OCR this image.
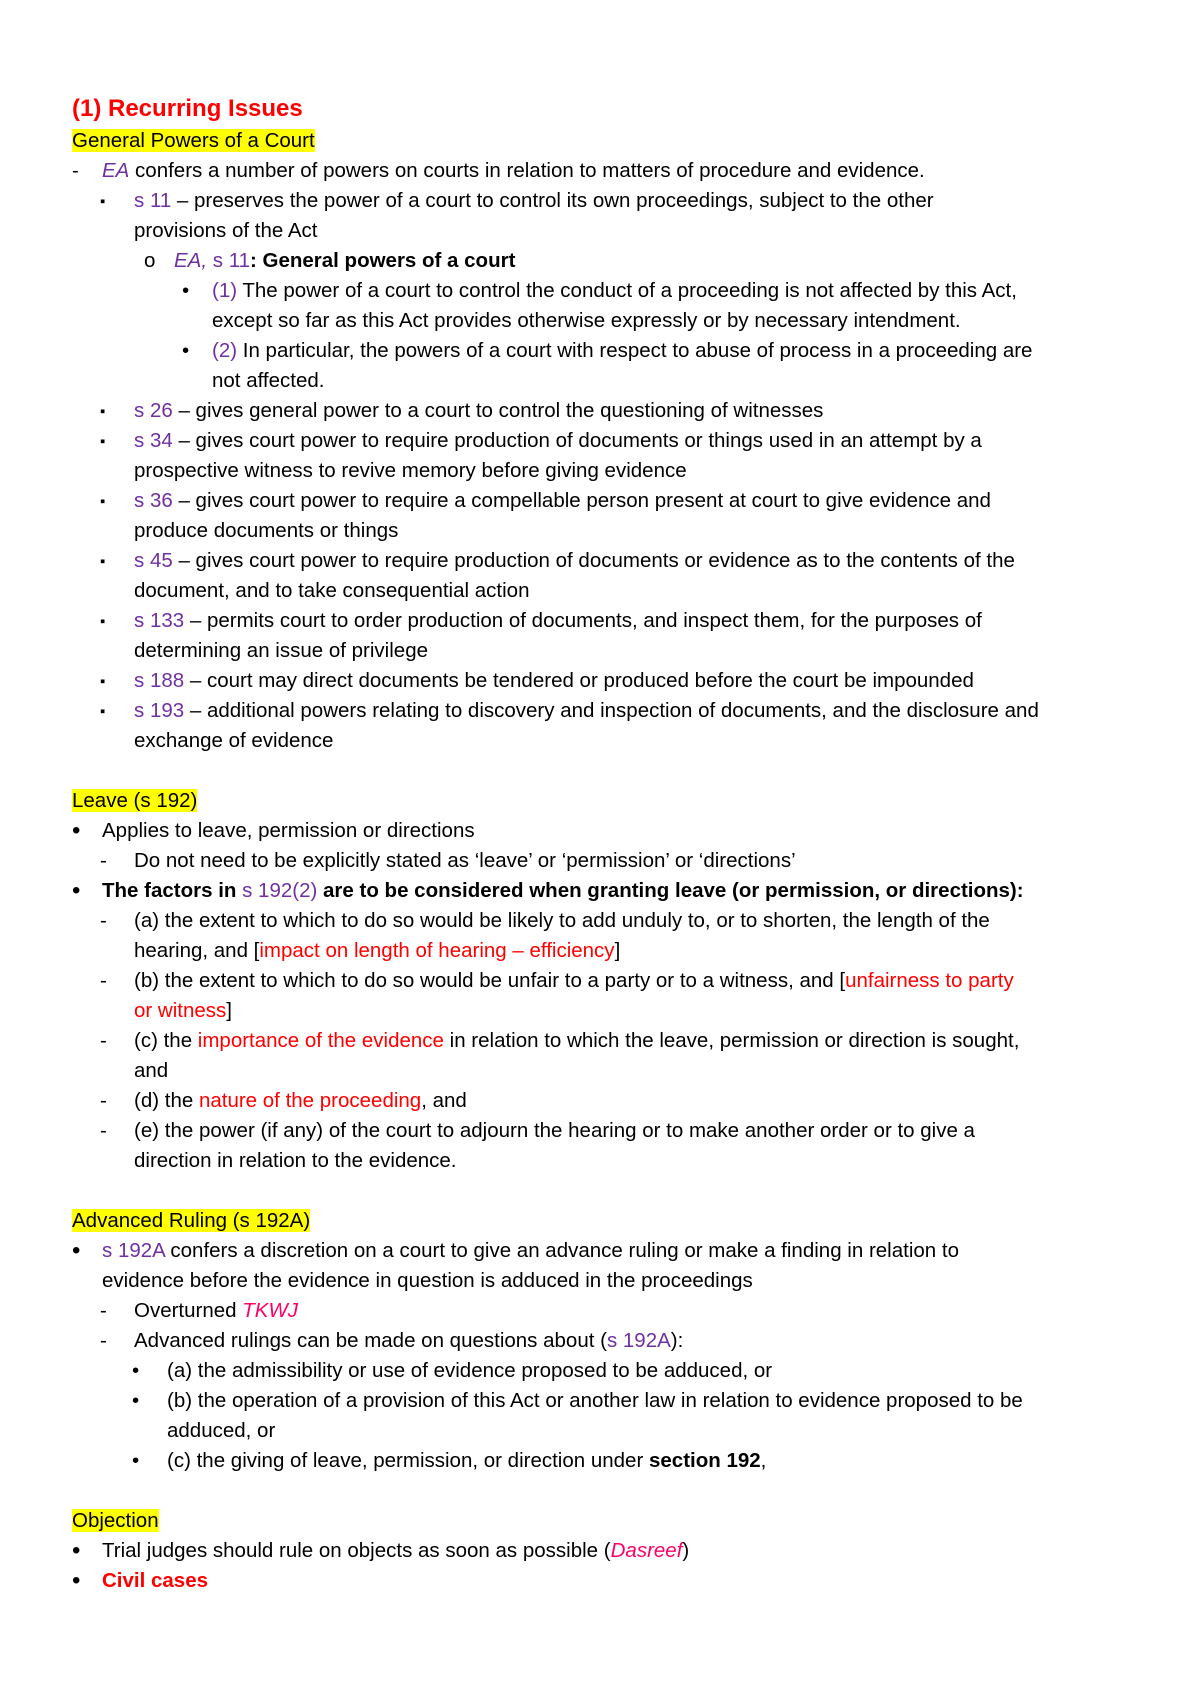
(1) Recurring Issues
General Powers of a Court
- EA confers a number of powers on courts in relation to matters of procedure and evidence.
▪ s 11 – preserves the power of a court to control its own proceedings, subject to the other
provisions of the Act
o EA, s 11: General powers of a court
• (1) The power of a court to control the conduct of a proceeding is not affected by this Act,
except so far as this Act provides otherwise expressly or by necessary intendment.
• (2) In particular, the powers of a court with respect to abuse of process in a proceeding are
not affected.
▪ s 26 – gives general power to a court to control the questioning of witnesses
▪ s 34 – gives court power to require production of documents or things used in an attempt by a
prospective witness to revive memory before giving evidence
▪ s 36 – gives court power to require a compellable person present at court to give evidence and
produce documents or things
▪ s 45 – gives court power to require production of documents or evidence as to the contents of the
document, and to take consequential action
▪ s 133 – permits court to order production of documents, and inspect them, for the purposes of
determining an issue of privilege
▪ s 188 – court may direct documents be tendered or produced before the court be impounded
▪ s 193 – additional powers relating to discovery and inspection of documents, and the disclosure and
exchange of evidence
Leave (s 192)
• Applies to leave, permission or directions
- Do not need to be explicitly stated as ‘leave’ or ‘permission’ or ‘directions’
• The factors in s 192(2) are to be considered when granting leave (or permission, or directions):
- (a) the extent to which to do so would be likely to add unduly to, or to shorten, the length of the
hearing, and [impact on length of hearing – efficiency]
- (b) the extent to which to do so would be unfair to a party or to a witness, and [unfairness to party
or witness]
- (c) the importance of the evidence in relation to which the leave, permission or direction is sought,
and
- (d) the nature of the proceeding, and
- (e) the power (if any) of the court to adjourn the hearing or to make another order or to give a
direction in relation to the evidence.
Advanced Ruling (s 192A)
• s 192A confers a discretion on a court to give an advance ruling or make a finding in relation to
evidence before the evidence in question is adduced in the proceedings
- Overturned TKWJ
- Advanced rulings can be made on questions about (s 192A):
• (a) the admissibility or use of evidence proposed to be adduced, or
• (b) the operation of a provision of this Act or another law in relation to evidence proposed to be
adduced, or
• (c) the giving of leave, permission, or direction under section 192,
Objection
• Trial judges should rule on objects as soon as possible (Dasreef)
• Civil cases
